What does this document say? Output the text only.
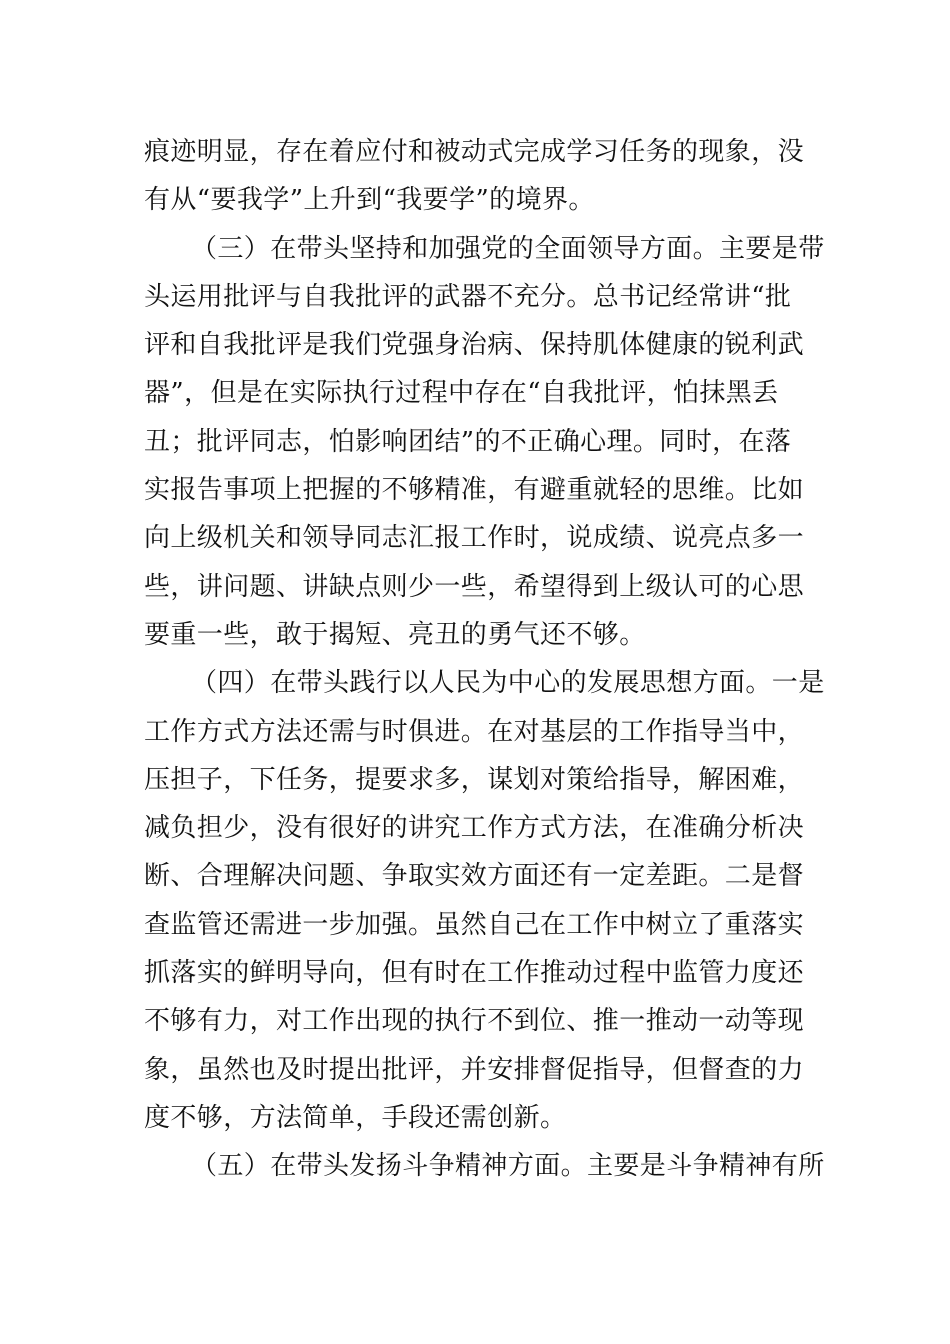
痕迹明显，存在着应付和被动式完成学习任务的现象，没
有从“要我学”上升到“我要学”的境界。
（三）在带头坚持和加强党的全面领导方面。主要是带
头运用批评与自我批评的武器不充分。总书记经常讲“批
评和自我批评是我们党强身治病、保持肌体健康的锐利武
器”，但是在实际执行过程中存在“自我批评，怕抹黑丢
丑；批评同志，怕影响团结”的不正确心理。同时，在落
实报告事项上把握的不够精准，有避重就轻的思维。比如
向上级机关和领导同志汇报工作时，说成绩、说亮点多一
些，讲问题、讲缺点则少一些，希望得到上级认可的心思
要重一些，敢于揭短、亮丑的勇气还不够。
（四）在带头践行以人民为中心的发展思想方面。一是
工作方式方法还需与时俱进。在对基层的工作指导当中，
压担子，下任务，提要求多，谋划对策给指导，解困难，
减负担少，没有很好的讲究工作方式方法，在准确分析决
断、合理解决问题、争取实效方面还有一定差距。二是督
查监管还需进一步加强。虽然自己在工作中树立了重落实
抓落实的鲜明导向，但有时在工作推动过程中监管力度还
不够有力，对工作出现的执行不到位、推一推动一动等现
象，虽然也及时提出批评，并安排督促指导，但督查的力
度不够，方法简单，手段还需创新。
（五）在带头发扬斗争精神方面。主要是斗争精神有所
